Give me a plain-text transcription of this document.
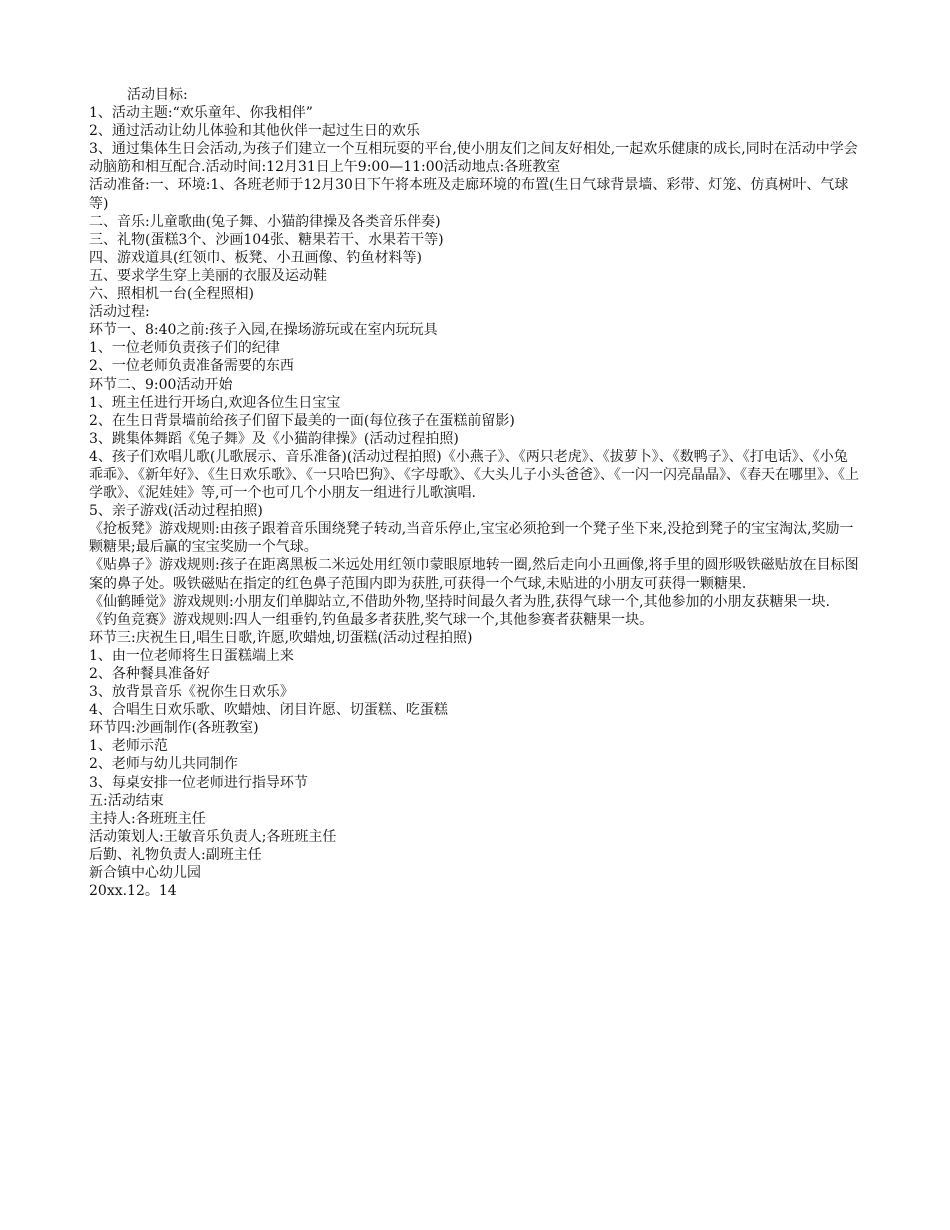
活动目标:

1、活动主题:“欢乐童年、你我相伴”

2、通过活动让幼儿体验和其他伙伴一起过生日的欢乐

3、通过集体生日会活动,为孩子们建立一个互相玩耍的平台,使小朋友们之间友好相处,一起欢乐健康的成长,同时在活动中学会动脑筋和相互配合.活动时间:12月31日上午9:00—11:00活动地点:各班教室

活动准备:一、环境:1、各班老师于12月30日下午将本班及走廊环境的布置(生日气球背景墙、彩带、灯笼、仿真树叶、气球等)

二、音乐:儿童歌曲(兔子舞、小猫韵律操及各类音乐伴奏)

三、礼物(蛋糕3个、沙画104张、糖果若干、水果若干等)

四、游戏道具(红领巾、板凳、小丑画像、钓鱼材料等)

五、要求学生穿上美丽的衣服及运动鞋

六、照相机一台(全程照相)

活动过程:

环节一、8:40之前:孩子入园,在操场游玩或在室内玩玩具

1、一位老师负责孩子们的纪律

2、一位老师负责准备需要的东西

环节二、9:00活动开始

1、班主任进行开场白,欢迎各位生日宝宝

2、在生日背景墙前给孩子们留下最美的一面(每位孩子在蛋糕前留影)

3、跳集体舞蹈《兔子舞》及《小猫韵律操》(活动过程拍照)

4、孩子们欢唱儿歌(儿歌展示、音乐准备)(活动过程拍照)《小燕子》、《两只老虎》、《拔萝卜》、《数鸭子》、《打电话》、《小兔乖乖》、《新年好》、《生日欢乐歌》、《一只哈巴狗》、《字母歌》、《大头儿子小头爸爸》、《一闪一闪亮晶晶》、《春天在哪里》、《上学歌》、《泥娃娃》等,可一个也可几个小朋友一组进行儿歌演唱.

5、亲子游戏(活动过程拍照)

《抢板凳》游戏规则:由孩子跟着音乐围绕凳子转动,当音乐停止,宝宝必须抢到一个凳子坐下来,没抢到凳子的宝宝淘汰,奖励一颗糖果;最后赢的宝宝奖励一个气球。

《贴鼻子》游戏规则:孩子在距离黑板二米远处用红领巾蒙眼原地转一圈,然后走向小丑画像,将手里的圆形吸铁磁贴放在目标图案的鼻子处。吸铁磁贴在指定的红色鼻子范围内即为获胜,可获得一个气球,未贴进的小朋友可获得一颗糖果.

《仙鹤睡觉》游戏规则:小朋友们单脚站立,不借助外物,坚持时间最久者为胜,获得气球一个,其他参加的小朋友获糖果一块.

《钓鱼竞赛》游戏规则:四人一组垂钓,钓鱼最多者获胜,奖气球一个,其他参赛者获糖果一块。

环节三:庆祝生日,唱生日歌,许愿,吹蜡烛,切蛋糕(活动过程拍照)

1、由一位老师将生日蛋糕端上来

2、各种餐具准备好

3、放背景音乐《祝你生日欢乐》

4、合唱生日欢乐歌、吹蜡烛、闭目许愿、切蛋糕、吃蛋糕

环节四:沙画制作(各班教室)

1、老师示范

2、老师与幼儿共同制作

3、每桌安排一位老师进行指导环节

五:活动结束

主持人:各班班主任

活动策划人:王敏音乐负责人;各班班主任

后勤、礼物负责人:副班主任

新合镇中心幼儿园

20xx.12。14
